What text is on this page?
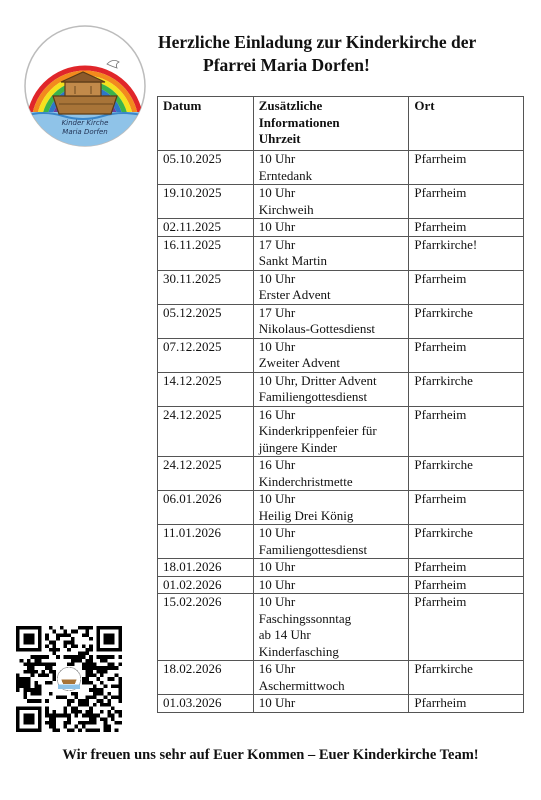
Kinder Kirche
Maria Dorfen
Herzliche Einladung zur Kinderkirche der
Pfarrei Maria Dorfen!
Datum	Zusätzliche
Informationen
Uhrzeit	Ort
05.10.2025	10 Uhr
Erntedank	Pfarrheim
19.10.2025	10 Uhr
Kirchweih	Pfarrheim
02.11.2025	10 Uhr	Pfarrheim
16.11.2025	17 Uhr
Sankt Martin	Pfarrkirche!
30.11.2025	10 Uhr
Erster Advent	Pfarrheim
05.12.2025	17 Uhr
Nikolaus-Gottesdienst	Pfarrkirche
07.12.2025	10 Uhr
Zweiter Advent	Pfarrheim
14.12.2025	10 Uhr, Dritter Advent
Familiengottesdienst	Pfarrkirche
24.12.2025	16 Uhr
Kinderkrippenfeier für
jüngere Kinder	Pfarrheim
24.12.2025	16 Uhr
Kinderchristmette	Pfarrkirche
06.01.2026	10 Uhr
Heilig Drei König	Pfarrheim
11.01.2026	10 Uhr
Familiengottesdienst	Pfarrkirche
18.01.2026	10 Uhr	Pfarrheim
01.02.2026	10 Uhr	Pfarrheim
15.02.2026	10 Uhr
Faschingssonntag
ab 14 Uhr
Kinderfasching	Pfarrheim
18.02.2026	16 Uhr
Aschermittwoch	Pfarrkirche
01.03.2026	10 Uhr	Pfarrheim
Wir freuen uns sehr auf Euer Kommen – Euer Kinderkirche Team!
